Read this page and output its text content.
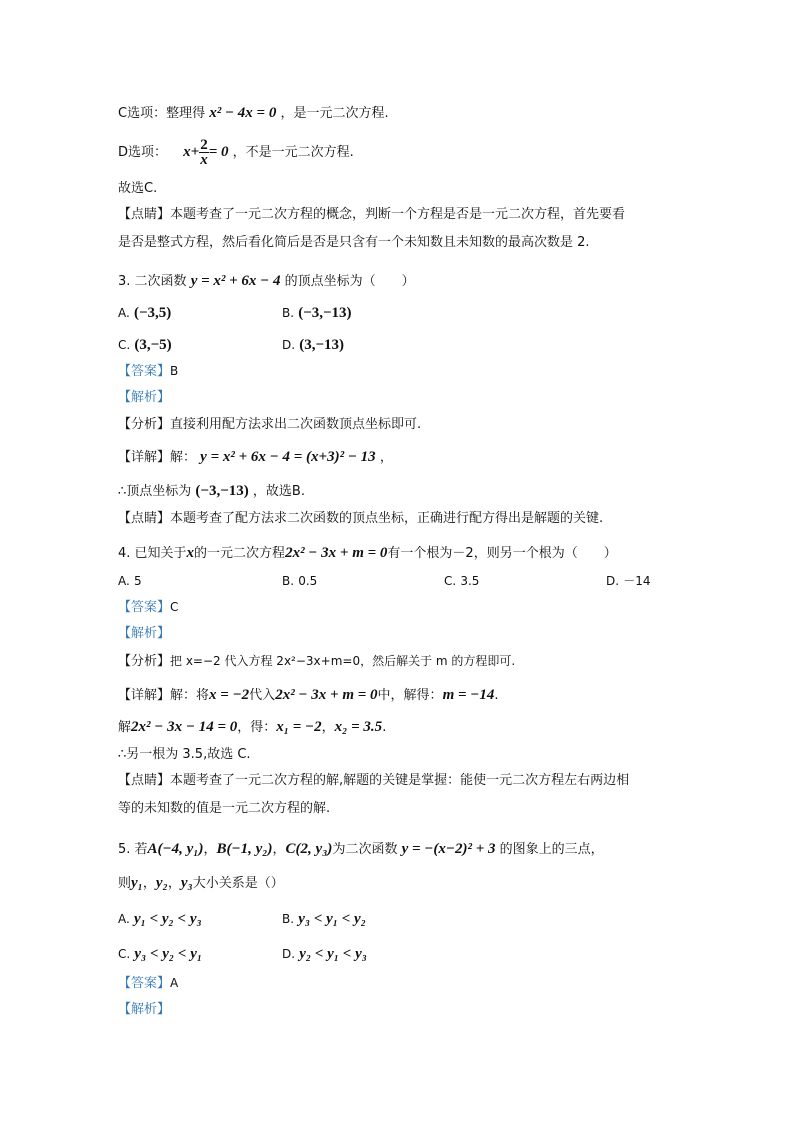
C选项：整理得 x² − 4x = 0 ，是一元二次方程.
D选项： $x+ \frac{2}{x} = 0$ ，不是一元二次方程.
故选C.
【点睛】本题考查了一元二次方程的概念，判断一个方程是否是一元二次方程，首先要看
是否是整式方程，然后看化简后是否是只含有一个未知数且未知数的最高次数是 2.
3. 二次函数 y = x² + 6x − 4 的顶点坐标为（　　）
A. (−3,5)	B. (−3,−13)
C. (3,−5)	D. (3,−13)
【答案】B
【解析】
【分析】直接利用配方法求出二次函数顶点坐标即可.
【详解】解： y = x² + 6x − 4 = (x+3)² − 13 ，
∴顶点坐标为 (−3,−13) ，故选B.
【点睛】本题考查了配方法求二次函数的顶点坐标，正确进行配方得出是解题的关键.
4. 已知关于x的一元二次方程2x² − 3x + m = 0有一个根为－2，则另一个根为（　　）
A. 5	B. 0.5	C. 3.5	D. －14
【答案】C
【解析】
【分析】把 x=−2 代入方程 2x²−3x+m=0，然后解关于 m 的方程即可.
【详解】解：将x = −2代入2x² − 3x + m = 0中，解得：m = −14.
解2x² − 3x − 14 = 0，得：x₁ = −2，x₂ = 3.5.
∴另一根为 3.5,故选 C.
【点睛】本题考查了一元二次方程的解,解题的关键是掌握：能使一元二次方程左右两边相
等的未知数的值是一元二次方程的解.
5. 若A(−4, y₁)，B(−1, y₂)，C(2, y₃)为二次函数 y = −(x−2)² + 3 的图象上的三点，
则y₁，y₂，y₃大小关系是（）
A. y₁ < y₂ < y₃	B. y₃ < y₁ < y₂
C. y₃ < y₂ < y₁	D. y₂ < y₁ < y₃
【答案】A
【解析】
